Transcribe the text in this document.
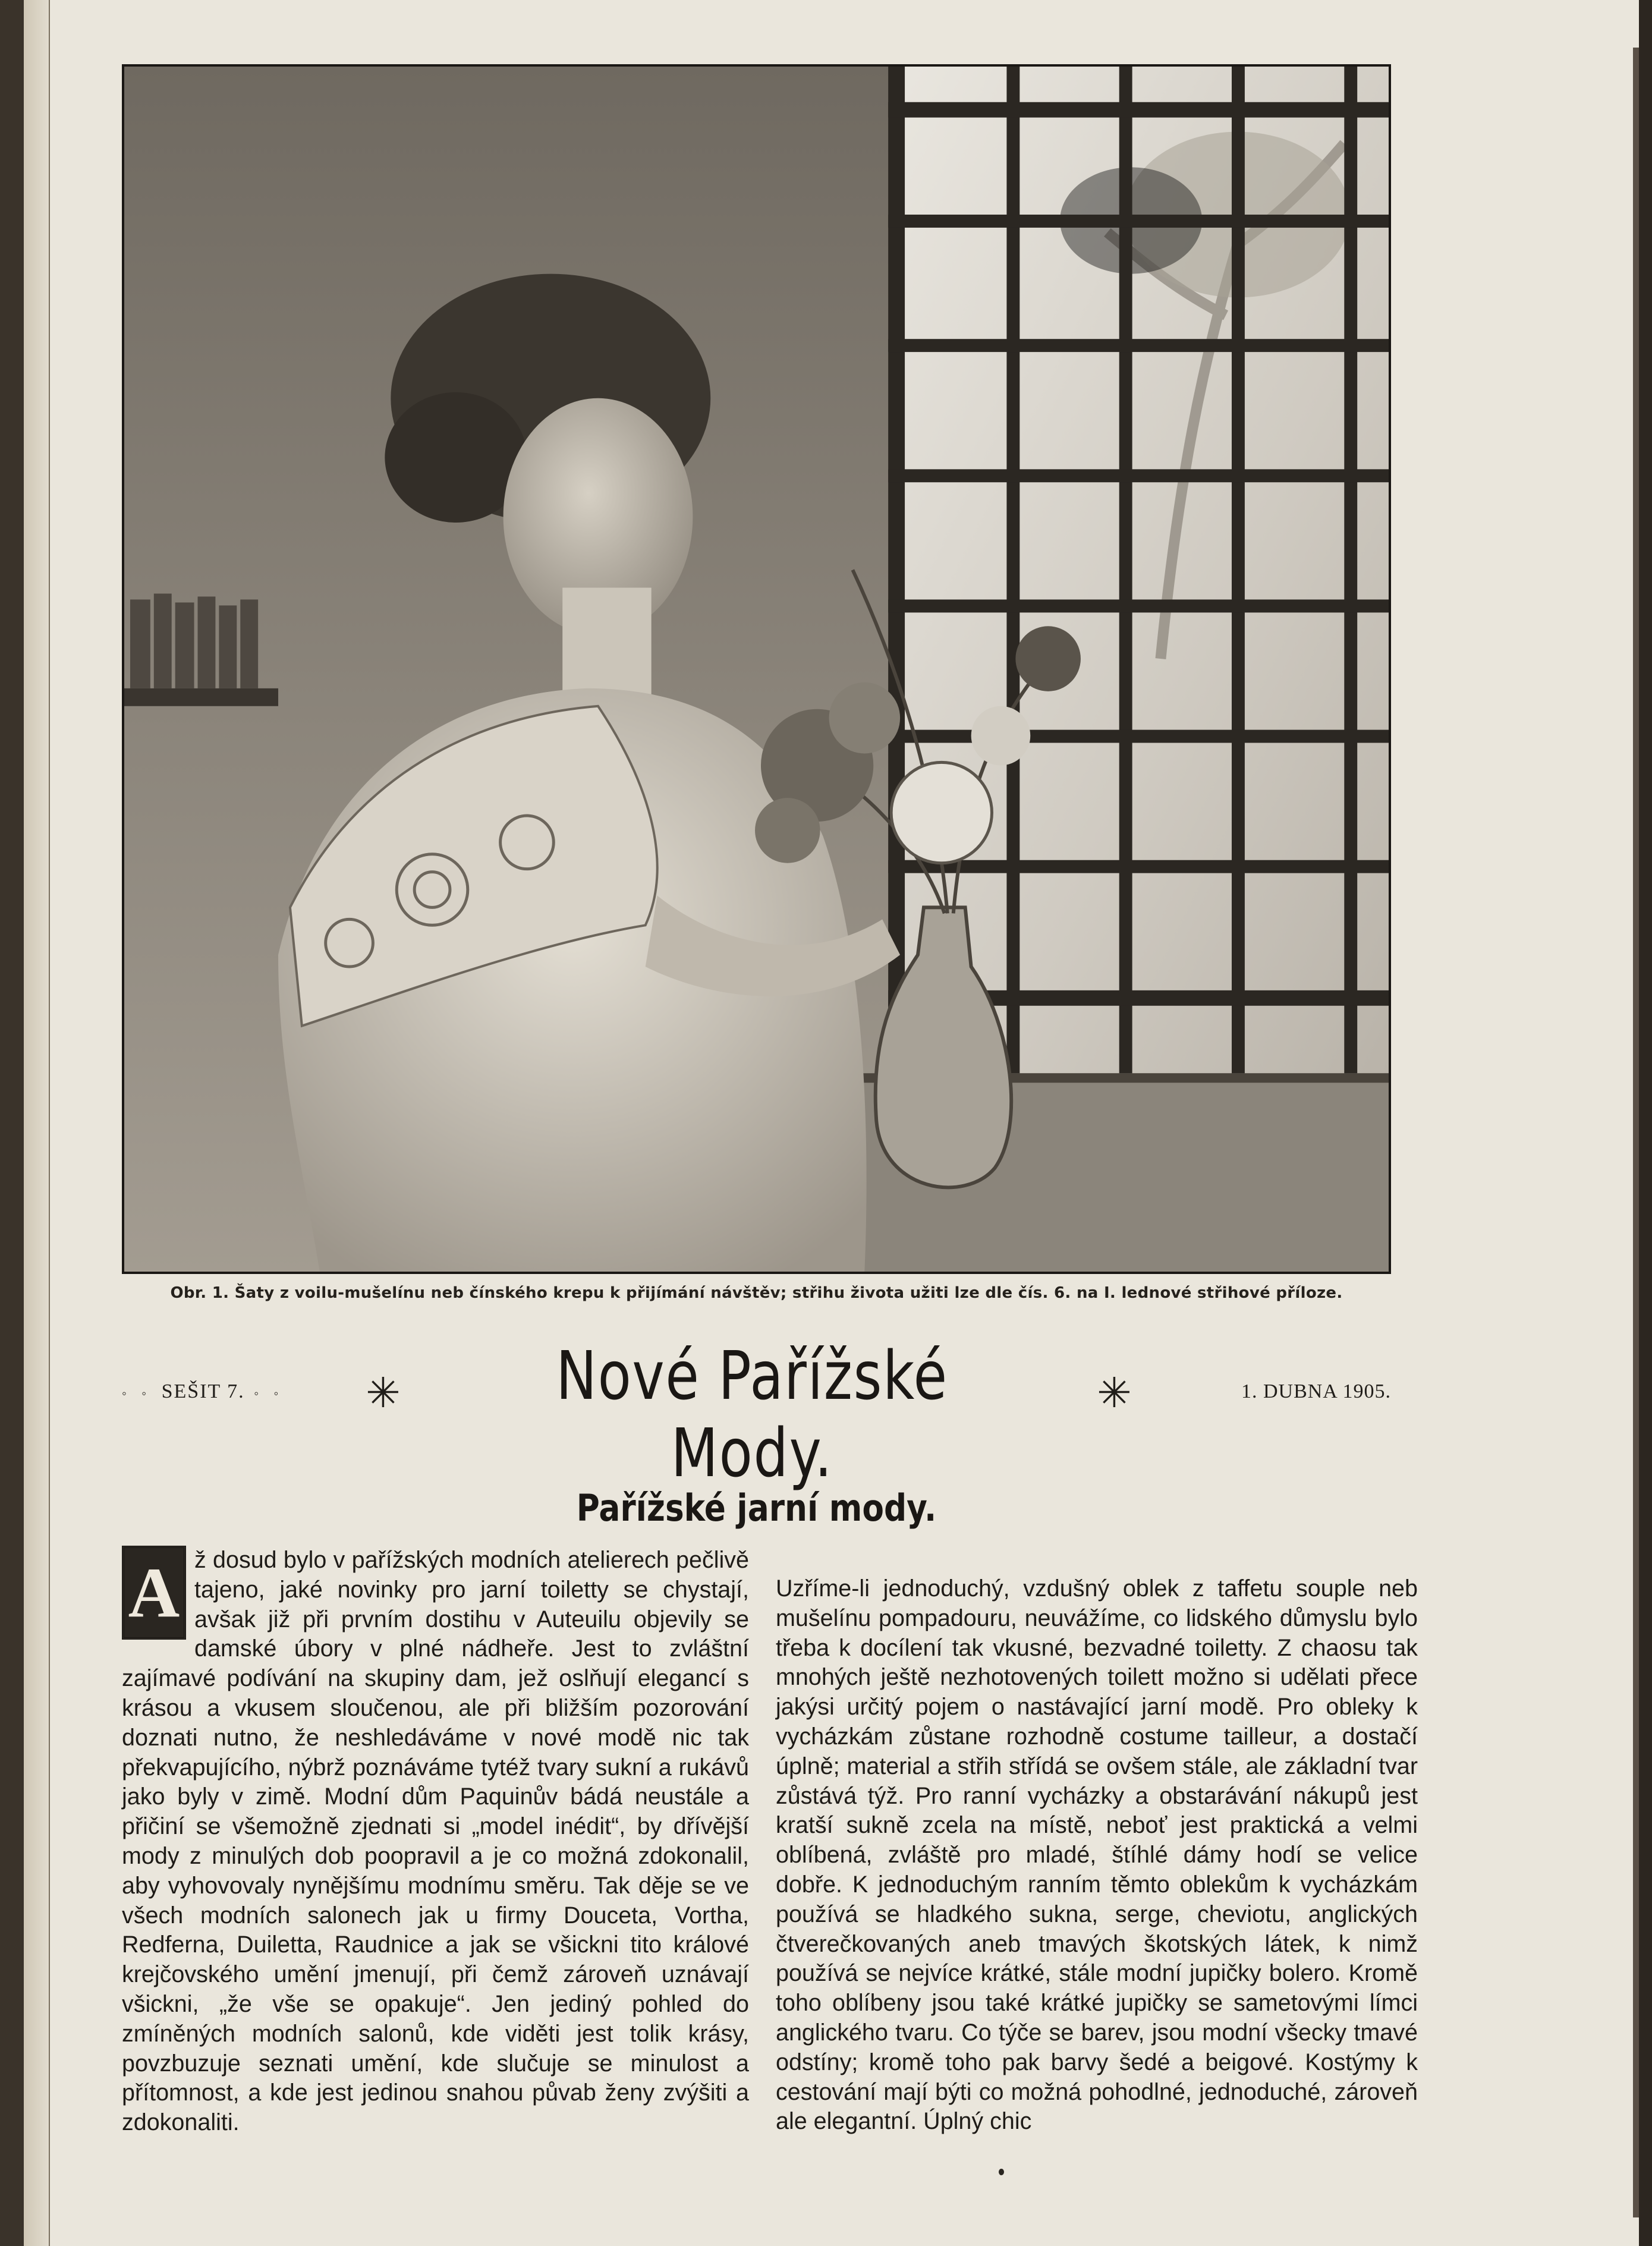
Obr. 1. Šaty z voilu-mušelínu neb čínského krepu k přijímání návštěv; střihu života užiti lze dle čís. 6. na I. lednové střihové příloze.
◦ ◦ SEŠIT 7. ◦ ◦ ✳	Nové Pařížské Mody.
✳	1. DUBNA 1905.
Pařížské jarní mody.
A ž dosud bylo v pařížských modních atelierech pečlivě tajeno, jaké novinky pro jarní toiletty se chystají, avšak již při prvním dostihu v Auteuilu objevily se damské úbory v plné nádheře. Jest to zvláštní zajímavé podívání na skupiny dam, jež oslňují elegancí s krásou a vkusem sloučenou, ale při bližším pozorování doznati nutno, že neshledáváme v nové modě nic tak překvapujícího, nýbrž poznáváme tytéž tvary sukní a rukávů jako byly v zimě. Modní dům Paquinův bádá neustále a přičiní se všemožně zjednati si „model inédit“, by dřívější mody z minulých dob poopravil a je co možná zdokonalil, aby vyhovovaly nynějšímu modnímu směru. Tak děje se ve všech modních salonech jak u firmy Douceta, Vortha, Redferna, Duiletta, Raudnice a jak se všickni tito králové krejčovského umění jmenují, při čemž zároveň uznávají všickni, „že vše se opakuje“. Jen jediný pohled do zmíněných modních salonů, kde viděti jest tolik krásy, povzbuzuje seznati umění, kde slučuje se minulost a přítomnost, a kde jest jedinou snahou půvab ženy zvýšiti a zdokonaliti.
Uzříme-li jednoduchý, vzdušný oblek z taffetu souple neb mušelínu pompadouru, neuvážíme, co lidského důmyslu bylo třeba k docílení tak vkusné, bezvadné toiletty. Z chaosu tak mnohých ještě nezhotovených toilett možno si udělati přece jakýsi určitý pojem o nastávající jarní modě. Pro obleky k vycházkám zůstane rozhodně costume tailleur, a dostačí úplně; material a střih střídá se ovšem stále, ale základní tvar zůstává týž. Pro ranní vycházky a obstarávání nákupů jest kratší sukně zcela na místě, neboť jest praktická a velmi oblíbená, zvláště pro mladé, štíhlé dámy hodí se velice dobře. K jednoduchým ranním těmto oblekům k vycházkám používá se hladkého sukna, serge, cheviotu, anglických čtverečkovaných aneb tmavých škotských látek, k nimž používá se nejvíce krátké, stále modní jupičky bolero. Kromě toho oblíbeny jsou také krátké jupičky se sametovými límci anglického tvaru. Co týče se barev, jsou modní všecky tmavé odstíny; kromě toho pak barvy šedé a beigové. Kostýmy k cestování mají býti co možná pohodlné, jednoduché, zároveň ale elegantní. Úplný chic
